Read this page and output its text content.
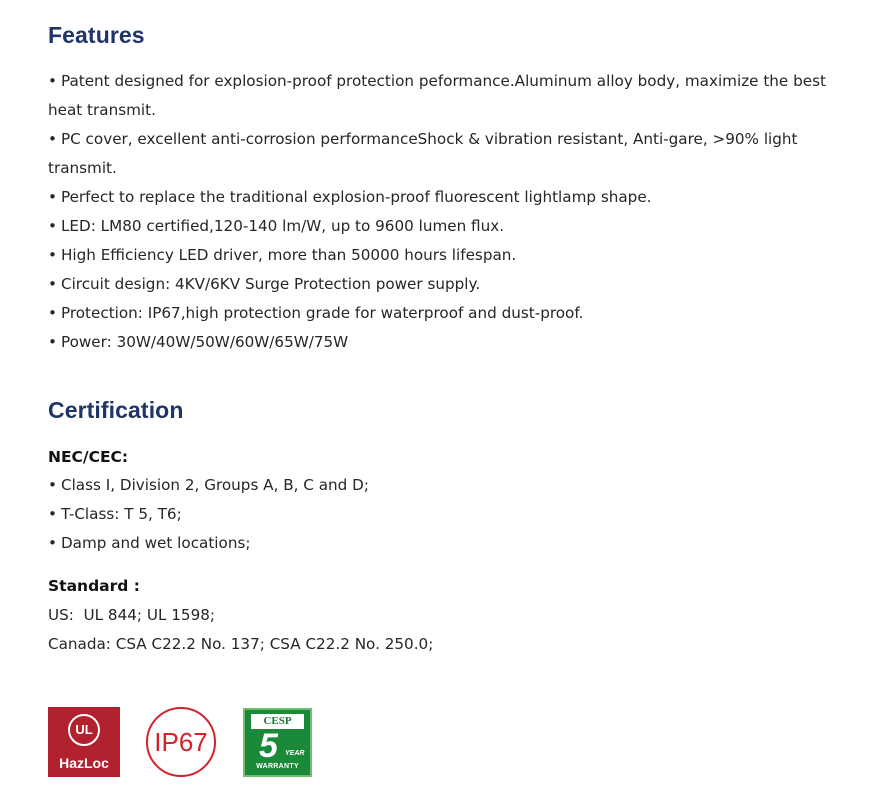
Features
• Patent designed for explosion-proof protection peformance.Aluminum alloy body, maximize the best
heat transmit.
• PC cover, excellent anti-corrosion performanceShock & vibration resistant, Anti-gare, >90% light
transmit.
• Perfect to replace the traditional explosion-proof fluorescent lightlamp shape.
• LED: LM80 certified,120-140 lm/W, up to 9600 lumen flux.
• High Efficiency LED driver, more than 50000 hours lifespan.
• Circuit design: 4KV/6KV Surge Protection power supply.
• Protection: IP67,high protection grade for waterproof and dust-proof.
• Power: 30W/40W/50W/60W/65W/75W
Certification
NEC/CEC:
• Class I, Division 2, Groups A, B, C and D;
• T-Class: T 5, T6;
• Damp and wet locations;
Standard :
US:  UL 844; UL 1598;
Canada: CSA C22.2 No. 137; CSA C22.2 No. 250.0;
UL
HazLoc
IP67
CESP
5 YEAR
WARRANTY
